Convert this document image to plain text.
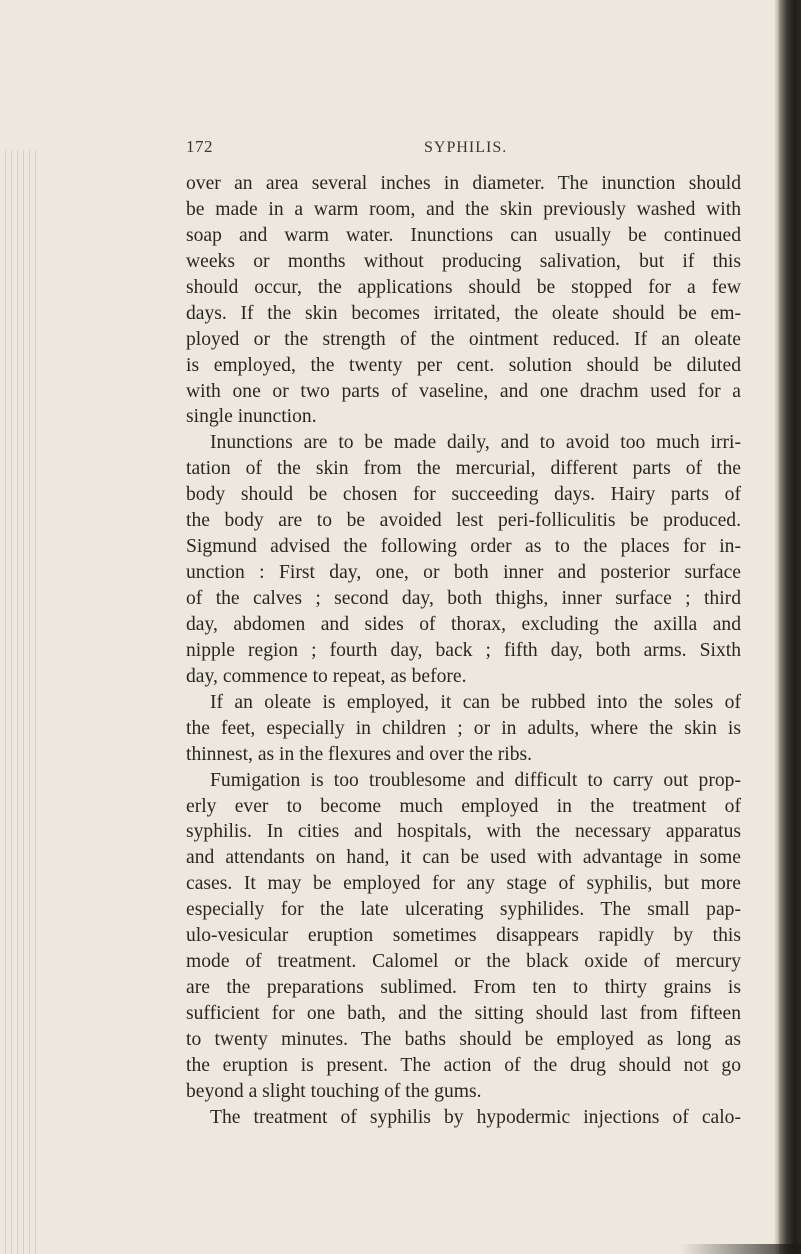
172	SYPHILIS.
over an area several inches in diameter. The inunction should
be made in a warm room, and the skin previously washed with
soap and warm water. Inunctions can usually be continued
weeks or months without producing salivation, but if this
should occur, the applications should be stopped for a few
days. If the skin becomes irritated, the oleate should be em-
ployed or the strength of the ointment reduced. If an oleate
is employed, the twenty per cent. solution should be diluted
with one or two parts of vaseline, and one drachm used for a
single inunction.
Inunctions are to be made daily, and to avoid too much irri-
tation of the skin from the mercurial, different parts of the
body should be chosen for succeeding days. Hairy parts of
the body are to be avoided lest peri-folliculitis be produced.
Sigmund advised the following order as to the places for in-
unction : First day, one, or both inner and posterior surface
of the calves ; second day, both thighs, inner surface ; third
day, abdomen and sides of thorax, excluding the axilla and
nipple region ; fourth day, back ; fifth day, both arms. Sixth
day, commence to repeat, as before.
If an oleate is employed, it can be rubbed into the soles of
the feet, especially in children ; or in adults, where the skin is
thinnest, as in the flexures and over the ribs.
Fumigation is too troublesome and difficult to carry out prop-
erly ever to become much employed in the treatment of
syphilis. In cities and hospitals, with the necessary apparatus
and attendants on hand, it can be used with advantage in some
cases. It may be employed for any stage of syphilis, but more
especially for the late ulcerating syphilides. The small pap-
ulo-vesicular eruption sometimes disappears rapidly by this
mode of treatment. Calomel or the black oxide of mercury
are the preparations sublimed. From ten to thirty grains is
sufficient for one bath, and the sitting should last from fifteen
to twenty minutes. The baths should be employed as long as
the eruption is present. The action of the drug should not go
beyond a slight touching of the gums.
The treatment of syphilis by hypodermic injections of calo-
